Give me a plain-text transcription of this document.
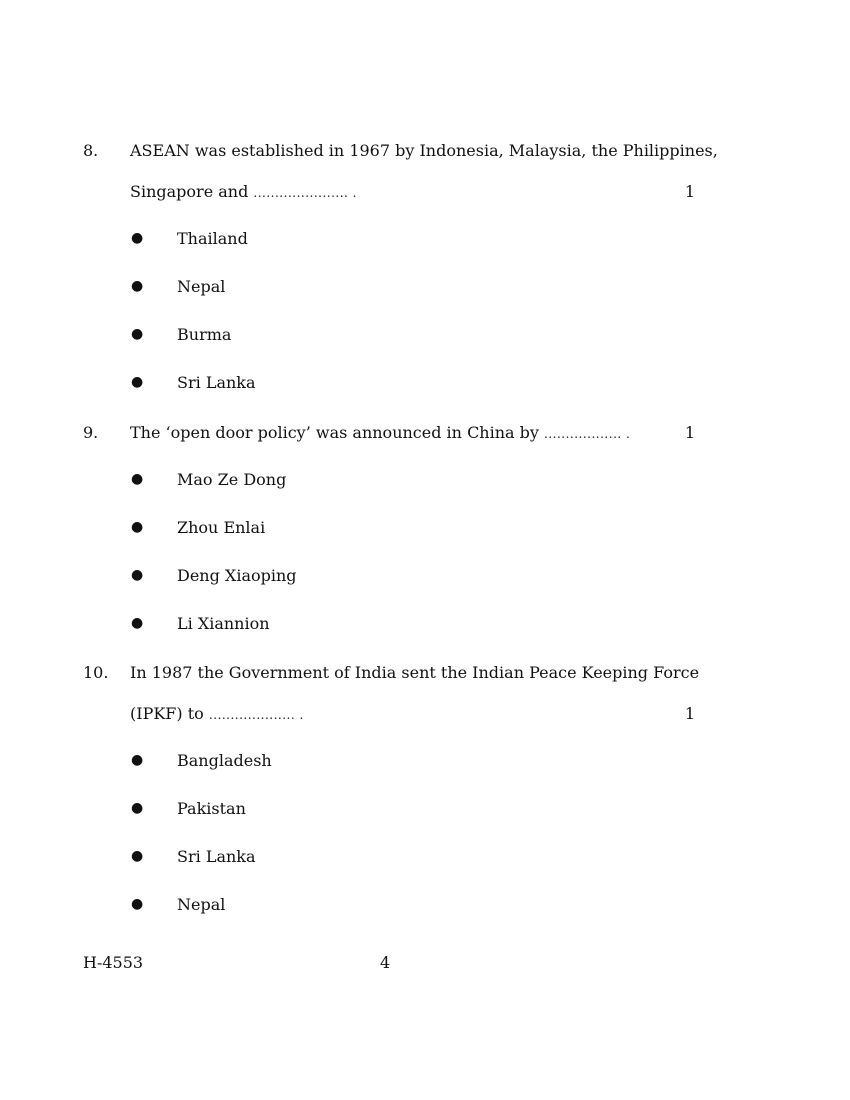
8. ASEAN was established in 1967 by Indonesia, Malaysia, the Philippines,
Singapore and ...................... .	1
● Thailand
● Nepal
● Burma
● Sri Lanka
9. The ‘open door policy’ was announced in China by .................. .	1
● Mao Ze Dong
● Zhou Enlai
● Deng Xiaoping
● Li Xiannion
10. In 1987 the Government of India sent the Indian Peace Keeping Force
(IPKF) to .................... .	1
● Bangladesh
● Pakistan
● Sri Lanka
● Nepal
H-4553	4
